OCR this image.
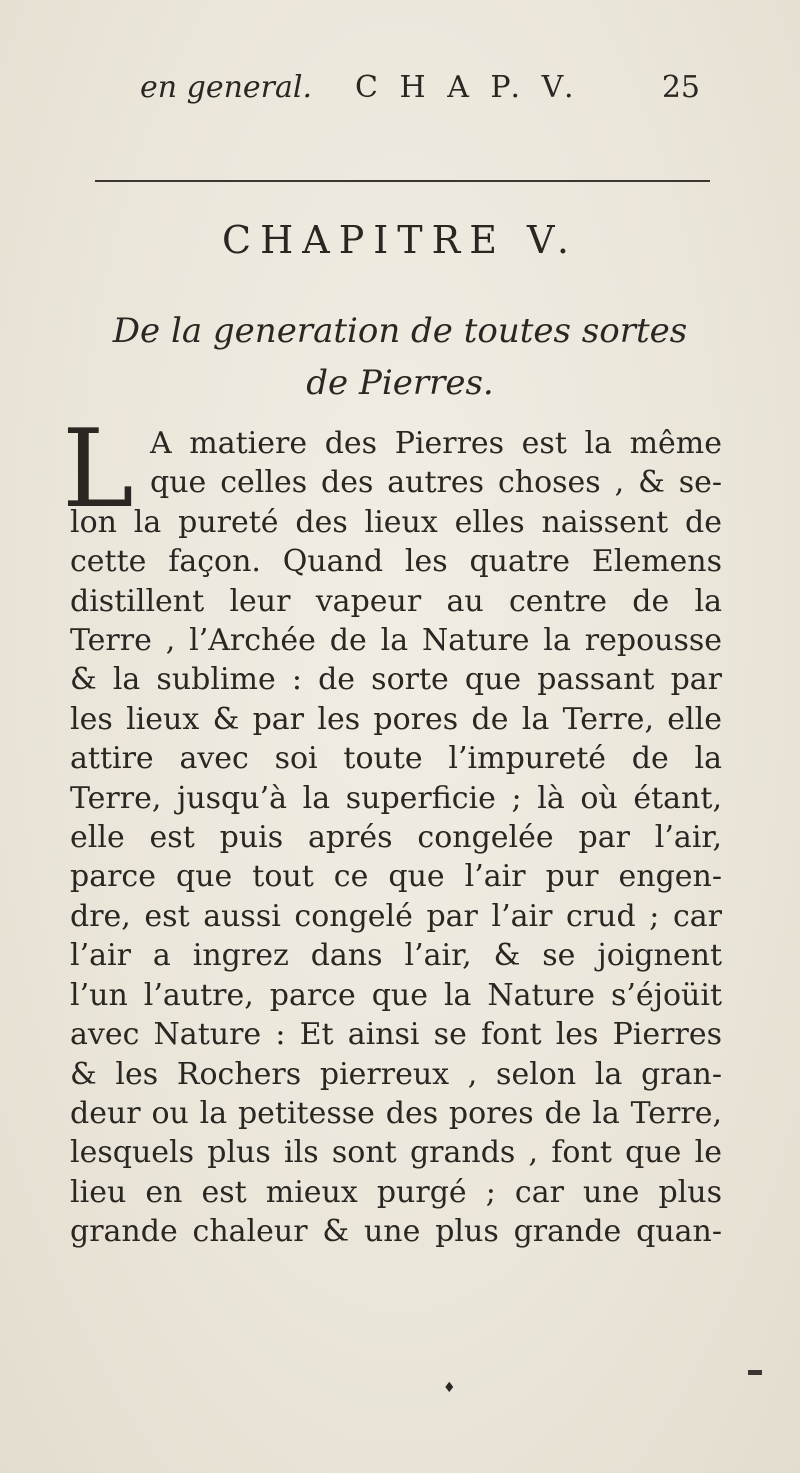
en general. C H A P. V.	25
CHAPITRE V.
De la generation de toutes sortes
de Pierres.
L A matiere des Pierres est la même
que celles des autres choses , & se-
lon la pureté des lieux elles naissent de
cette façon. Quand les quatre Elemens
distillent leur vapeur au centre de la
Terre , l’Archée de la Nature la repousse
& la sublime : de sorte que passant par
les lieux & par les pores de la Terre, elle
attire avec soi toute l’impureté de la
Terre, jusqu’à la superficie ; là où étant,
elle est puis aprés congelée par l’air,
parce que tout ce que l’air pur engen-
dre, est aussi congelé par l’air crud ; car
l’air a ingrez dans l’air, & se joignent
l’un l’autre, parce que la Nature s’éjoüit
avec Nature : Et ainsi se font les Pierres
& les Rochers pierreux , selon la gran-
deur ou la petitesse des pores de la Terre,
lesquels plus ils sont grands , font que le
lieu en est mieux purgé ; car une plus
grande chaleur & une plus grande quan-
♦
